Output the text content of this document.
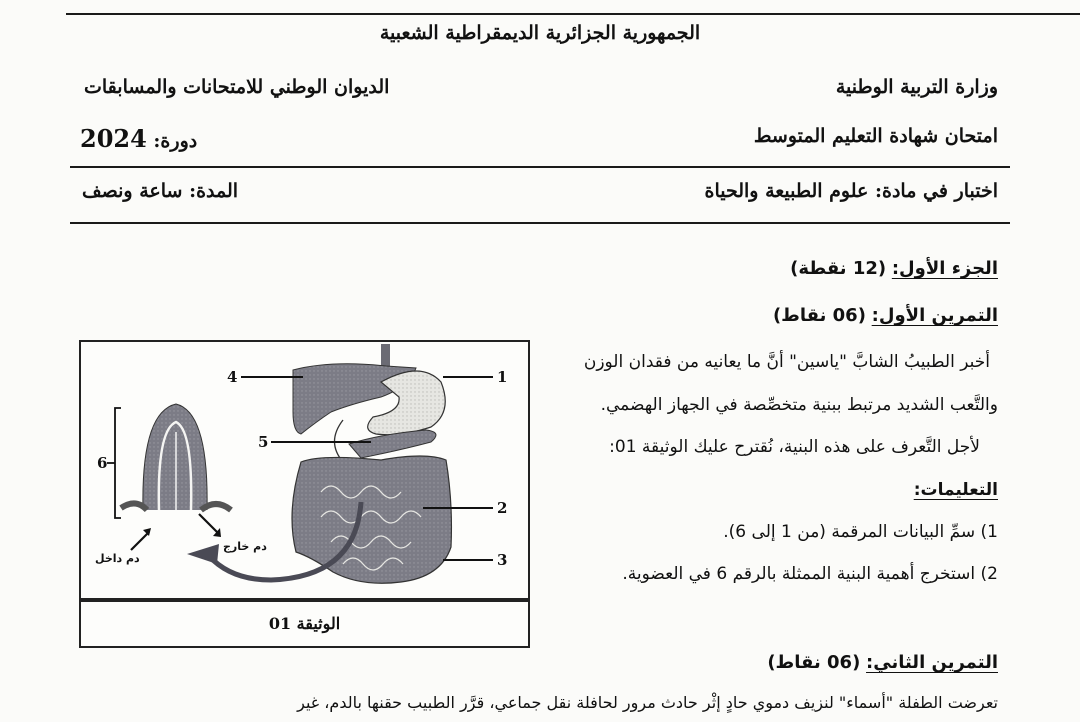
الجمهورية الجزائرية الديمقراطية الشعبية
وزارة التربية الوطنية
الديوان الوطني للامتحانات والمسابقات
امتحان شهادة التعليم المتوسط
دورة: 2024
اختبار في مادة: علوم الطبيعة والحياة
المدة: ساعة ونصف
الجزء الأول: (12 نقطة)
التمرين الأول: (06 نقاط)
أخبر الطبيبُ الشابَّ "ياسين" أنَّ ما يعانيه من فقدان الوزن
والتَّعب الشديد مرتبط ببنية متخصِّصة في الجهاز الهضمي.
لأجل التَّعرف على هذه البنية، نُقترح عليك الوثيقة 01:
التعليمات:
1) سمِّ البيانات المرقمة (من 1 إلى 6).
2) استخرج أهمية البنية الممثلة بالرقم 6 في العضوية.
1
2
3
4
5
6
دم داخل
دم خارج
الوثيقة 01
التمرين الثاني: (06 نقاط)
تعرضت الطفلة "أسماء" لنزيف دموي حادٍ إثْر حادث مرور لحافلة نقل جماعي، قرَّر الطبيب حقنها بالدم، غير
